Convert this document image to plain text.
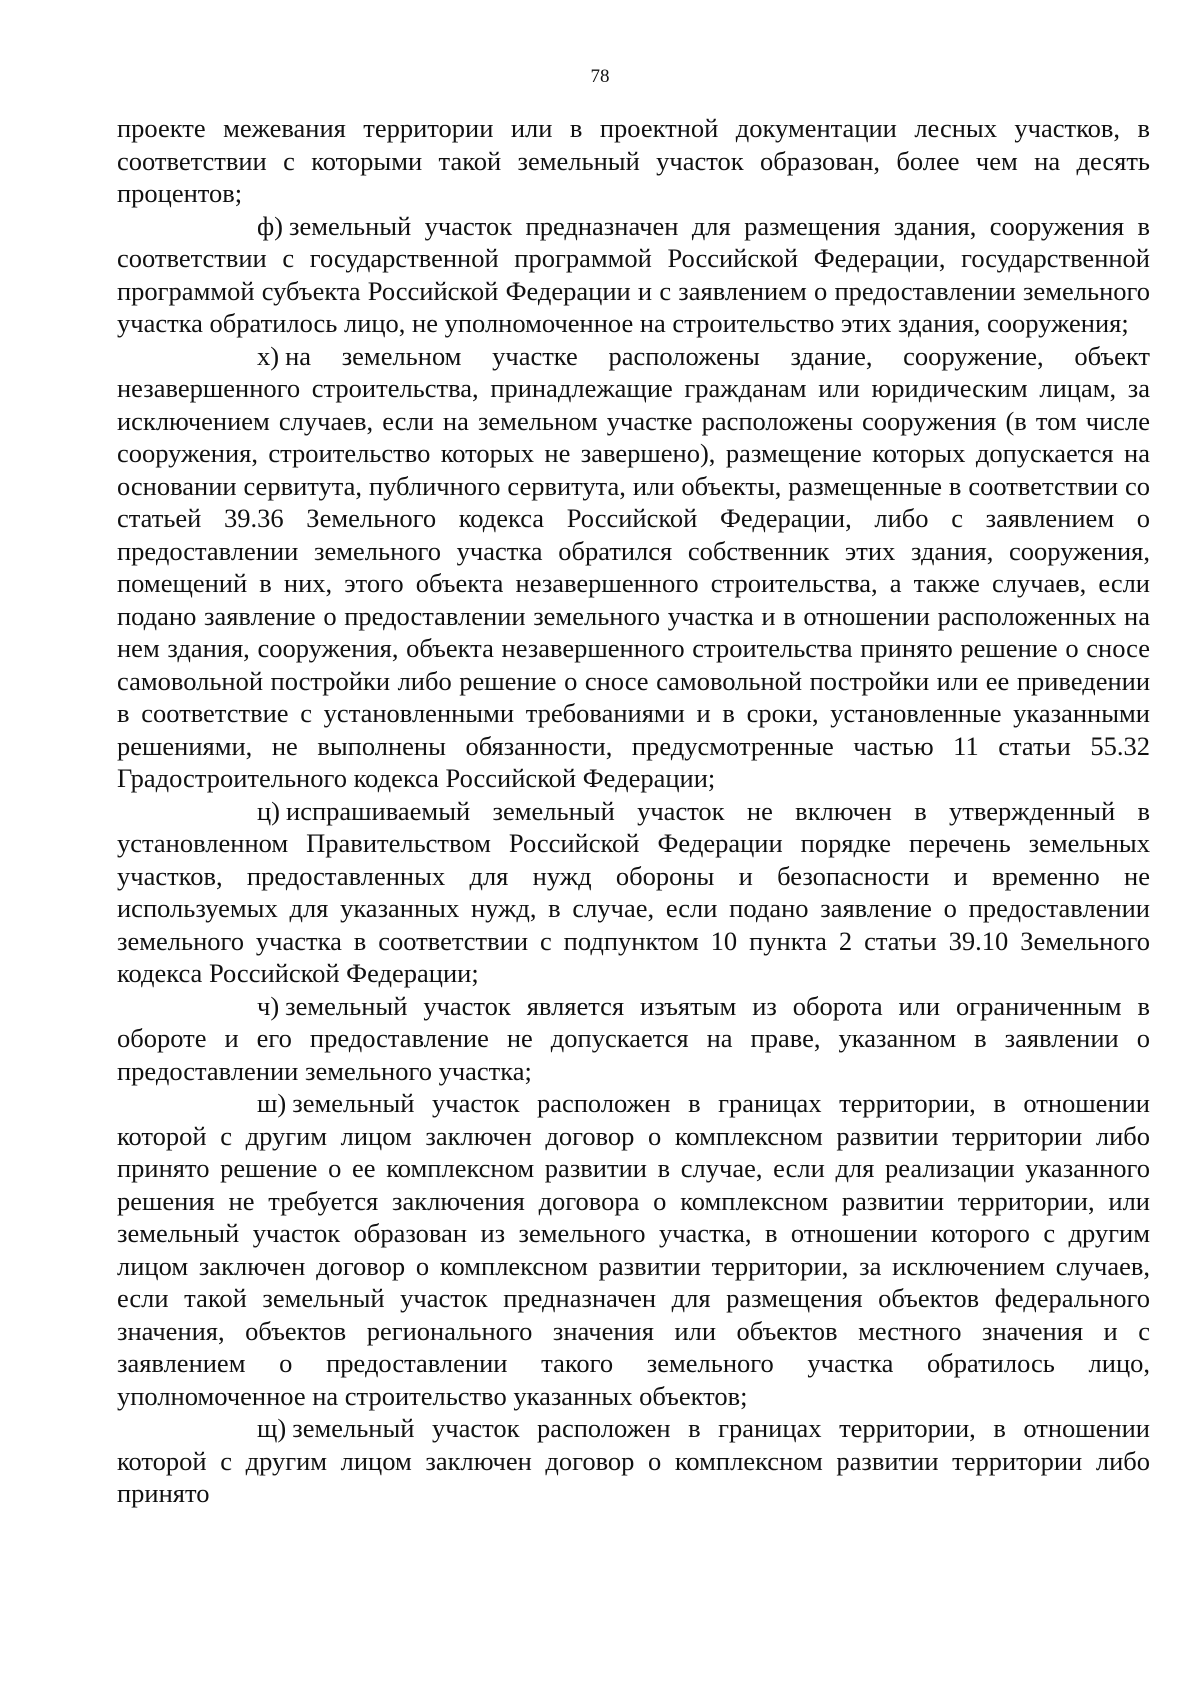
78

проекте межевания территории или в проектной документации лесных участков, в соответствии с которыми такой земельный участок образован, более чем на десять процентов;

ф) земельный участок предназначен для размещения здания, сооружения в соответствии с государственной программой Российской Федерации, государственной программой субъекта Российской Федерации и с заявлением о предоставлении земельного участка обратилось лицо, не уполномоченное на строительство этих здания, сооружения;

х) на земельном участке расположены здание, сооружение, объект незавершенного строительства, принадлежащие гражданам или юридическим лицам, за исключением случаев, если на земельном участке расположены сооружения (в том числе сооружения, строительство которых не завершено), размещение которых допускается на основании сервитута, публичного сервитута, или объекты, размещенные в соответствии со статьей 39.36 Земельного кодекса Российской Федерации, либо с заявлением о предоставлении земельного участка обратился собственник этих здания, сооружения, помещений в них, этого объекта незавершенного строительства, а также случаев, если подано заявление о предоставлении земельного участка и в отношении расположенных на нем здания, сооружения, объекта незавершенного строительства принято решение о сносе самовольной постройки либо решение о сносе самовольной постройки или ее приведении в соответствие с установленными требованиями и в сроки, установленные указанными решениями, не выполнены обязанности, предусмотренные частью 11 статьи 55.32 Градостроительного кодекса Российской Федерации;

ц) испрашиваемый земельный участок не включен в утвержденный в установленном Правительством Российской Федерации порядке перечень земельных участков, предоставленных для нужд обороны и безопасности и временно не используемых для указанных нужд, в случае, если подано заявление о предоставлении земельного участка в соответствии с подпунктом 10 пункта 2 статьи 39.10 Земельного кодекса Российской Федерации;

ч) земельный участок является изъятым из оборота или ограниченным в обороте и его предоставление не допускается на праве, указанном в заявлении о предоставлении земельного участка;

ш) земельный участок расположен в границах территории, в отношении которой с другим лицом заключен договор о комплексном развитии территории либо принято решение о ее комплексном развитии в случае, если для реализации указанного решения не требуется заключения договора о комплексном развитии территории, или земельный участок образован из земельного участка, в отношении которого с другим лицом заключен договор о комплексном развитии территории, за исключением случаев, если такой земельный участок предназначен для размещения объектов федерального значения, объектов регионального значения или объектов местного значения и с заявлением о предоставлении такого земельного участка обратилось лицо, уполномоченное на строительство указанных объектов;

щ) земельный участок расположен в границах территории, в отношении которой с другим лицом заключен договор о комплексном развитии территории либо принято
